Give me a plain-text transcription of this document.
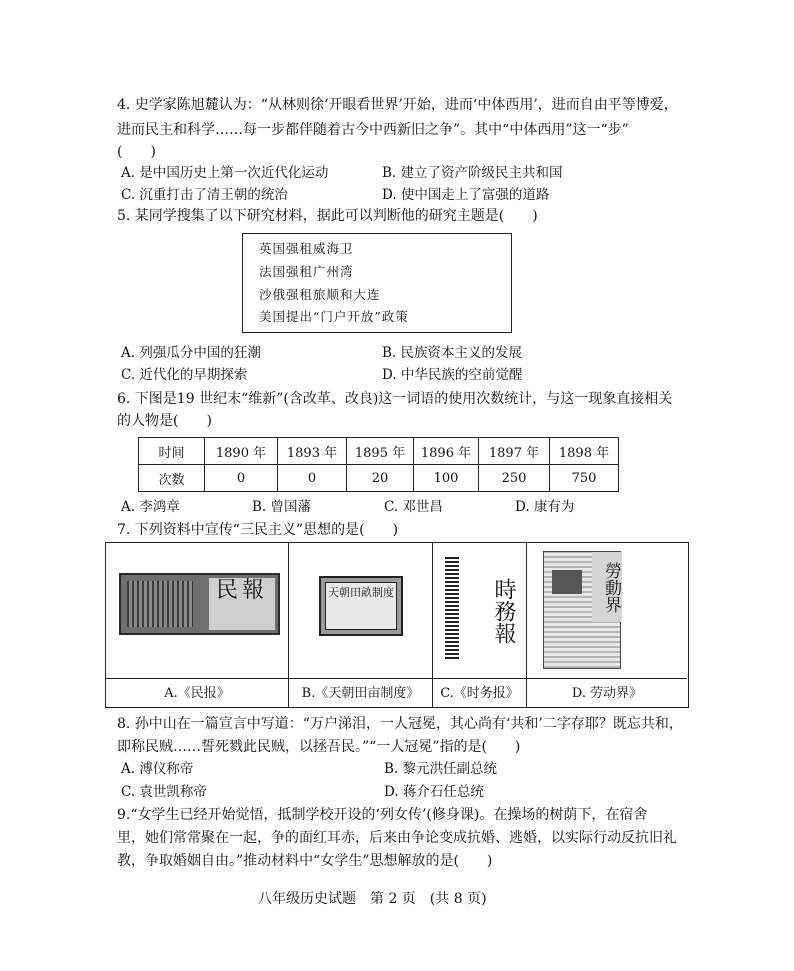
4. 史学家陈旭麓认为：“从林则徐‘开眼看世界’开始，进而‘中体西用’，进而自由平等博爱，
进而民主和科学……每一步都伴随着古今中西新旧之争”。其中“中体西用”这一“步”
(　　)
A. 是中国历史上第一次近代化运动	B. 建立了资产阶级民主共和国
C. 沉重打击了清王朝的统治	D. 使中国走上了富强的道路
5. 某同学搜集了以下研究材料，据此可以判断他的研究主题是(　　)
英国强租威海卫
法国强租广州湾
沙俄强租旅顺和大连
美国提出“门户开放”政策
A. 列强瓜分中国的狂潮	B. 民族资本主义的发展
C. 近代化的早期探索	D. 中华民族的空前觉醒
6. 下图是19 世纪末“维新”(含改革、改良)这一词语的使用次数统计，与这一现象直接相关
的人物是(　　)
时间	1890 年	1893 年	1895 年	1896 年	1897 年	1898 年
次数	0	0	20	100	250	750
A. 李鸿章	B. 曾国藩	C. 邓世昌	D. 康有为
7. 下列资料中宣传“三民主义”思想的是(　　)
民報	天朝田畝制度	時務報	勞動界
A.《民报》	B.《天朝田亩制度》	C.《时务报》	D. 劳动界》
8. 孙中山在一篇宣言中写道：“万户涕泪，一人冠冕，其心尚有‘共和’二字存耶？既忘共和，
即称民贼……誓死戮此民贼，以拯吾民。”“一人冠冕”指的是(　　)
A. 溥仪称帝	B. 黎元洪任副总统
C. 袁世凯称帝	D. 蒋介石任总统
9.“女学生已经开始觉悟，抵制学校开设的‘列女传’(修身课)。在操场的树荫下，在宿舍
里，她们常常聚在一起，争的面红耳赤，后来由争论变成抗婚、逃婚，以实际行动反抗旧礼
教，争取婚姻自由。”推动材料中“女学生”思想解放的是(　　)
八年级历史试题　第 2 页　(共 8 页)
